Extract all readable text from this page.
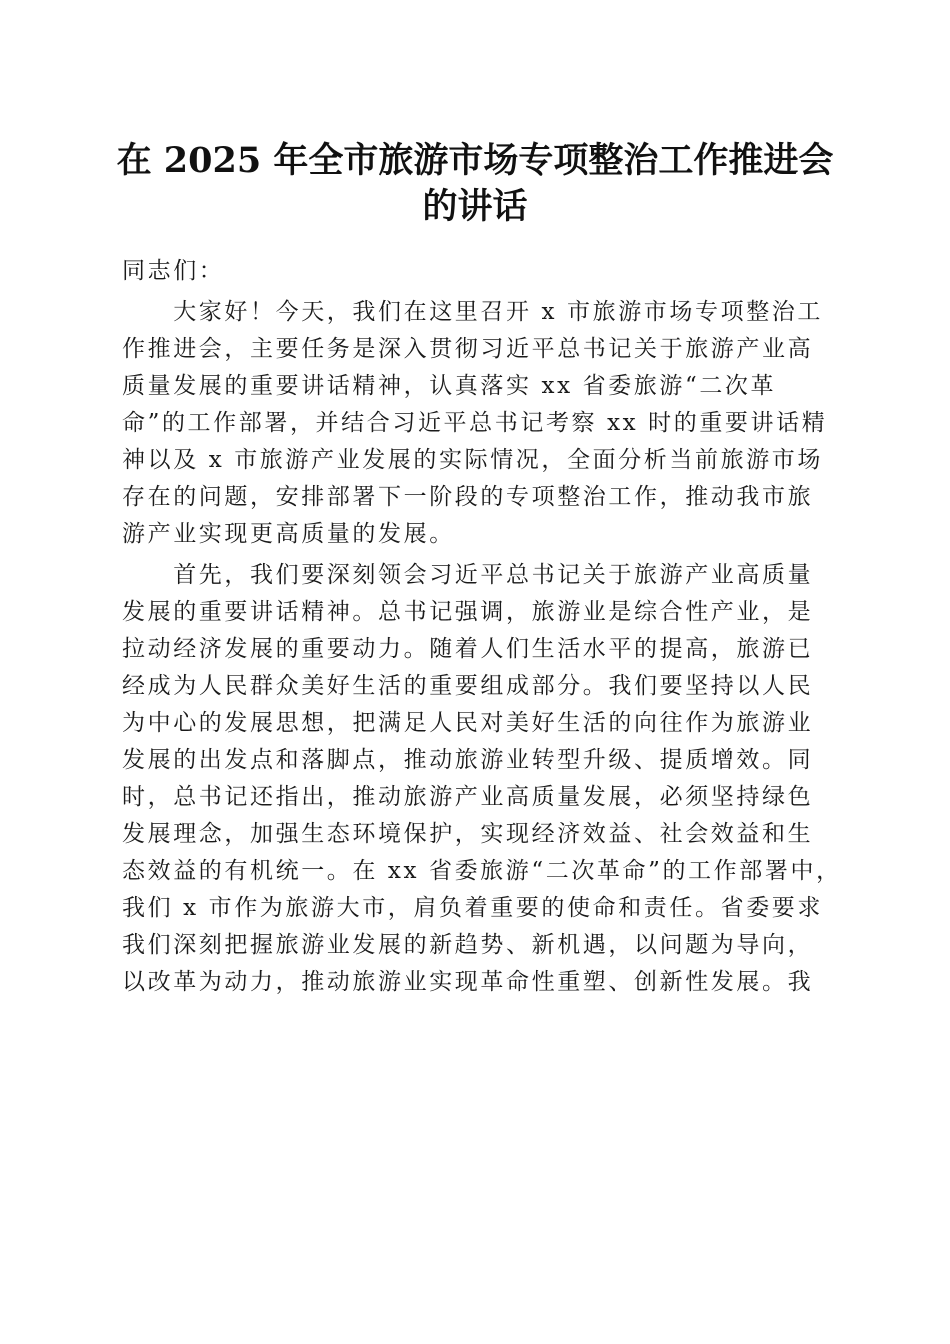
在 2025 年全市旅游市场专项整治工作推进会
的讲话
同志们：
　　大家好！今天，我们在这里召开 x 市旅游市场专项整治工
作推进会，主要任务是深入贯彻习近平总书记关于旅游产业高
质量发展的重要讲话精神，认真落实 xx 省委旅游“二次革
命”的工作部署，并结合习近平总书记考察 xx 时的重要讲话精
神以及 x 市旅游产业发展的实际情况，全面分析当前旅游市场
存在的问题，安排部署下一阶段的专项整治工作，推动我市旅
游产业实现更高质量的发展。
　　首先，我们要深刻领会习近平总书记关于旅游产业高质量
发展的重要讲话精神。总书记强调，旅游业是综合性产业，是
拉动经济发展的重要动力。随着人们生活水平的提高，旅游已
经成为人民群众美好生活的重要组成部分。我们要坚持以人民
为中心的发展思想，把满足人民对美好生活的向往作为旅游业
发展的出发点和落脚点，推动旅游业转型升级、提质增效。同
时，总书记还指出，推动旅游产业高质量发展，必须坚持绿色
发展理念，加强生态环境保护，实现经济效益、社会效益和生
态效益的有机统一。在 xx 省委旅游“二次革命”的工作部署中，
我们 x 市作为旅游大市，肩负着重要的使命和责任。省委要求
我们深刻把握旅游业发展的新趋势、新机遇，以问题为导向，
以改革为动力，推动旅游业实现革命性重塑、创新性发展。我
